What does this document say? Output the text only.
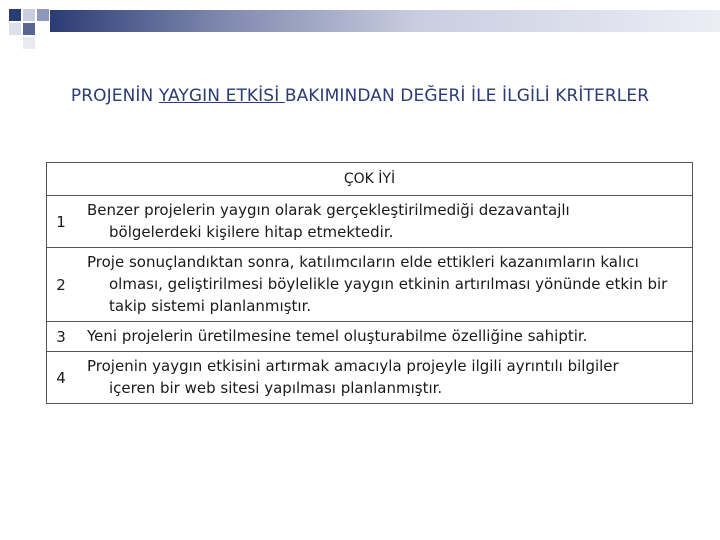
PROJENİN YAYGIN ETKİSİ BAKIMINDAN DEĞERİ İLE İLGİLİ KRİTERLER
ÇOK İYİ	
1	Benzer projelerin yaygın olarak gerçekleştirilmediği dezavantajlı
bölgelerdeki kişilere hitap etmektedir.

2	Proje sonuçlandıktan sonra, katılımcıların elde ettikleri kazanımların kalıcı
olması, geliştirilmesi böylelikle yaygın etkinin artırılması yönünde etkin bir takip sistemi planlanmıştır.

3	Yeni projelerin üretilmesine temel oluşturabilme özelliğine sahiptir.

4	Projenin yaygın etkisini artırmak amacıyla projeyle ilgili ayrıntılı bilgiler
içeren bir web sitesi yapılması planlanmıştır.
